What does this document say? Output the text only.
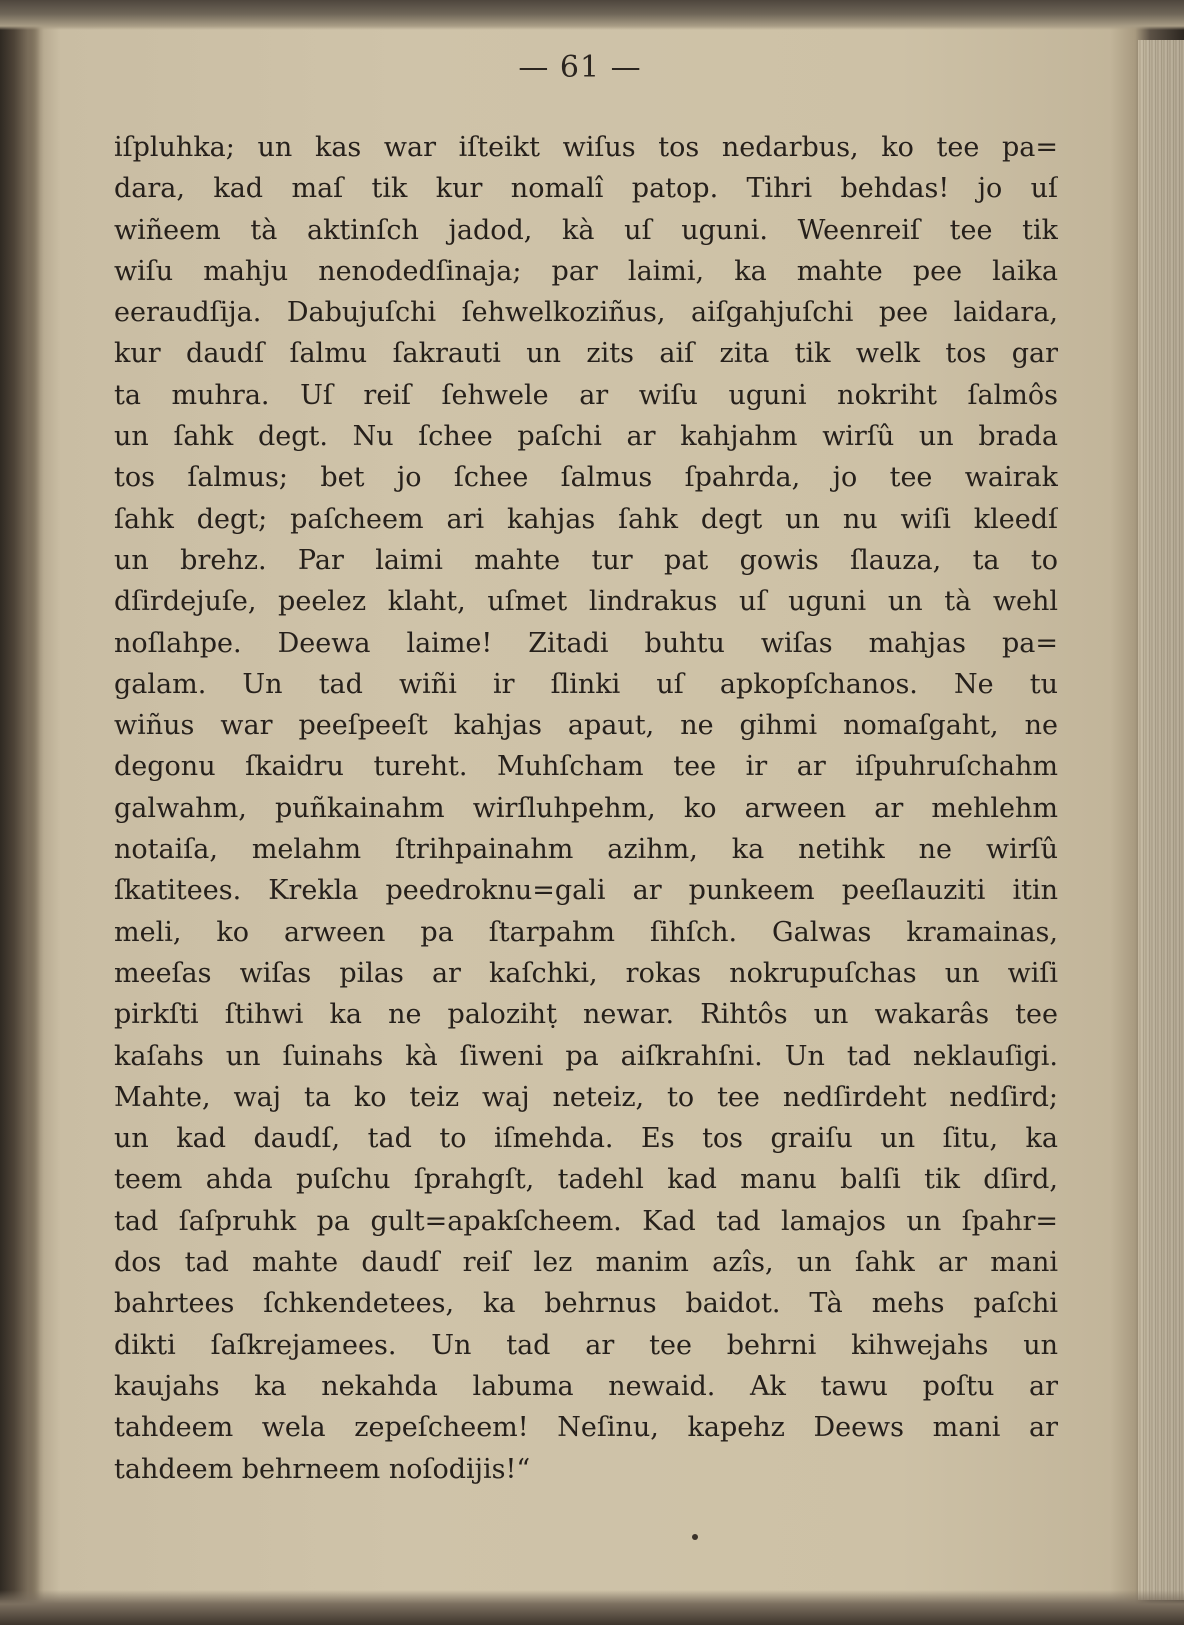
— 61 —
iſpluhka; un kas war iſteikt wiſus tos nedarbus, ko tee pa=
dara, kad maſ tik kur nomalî patop. Tihri behdas! jo uſ
wiñeem tà aktinſch jadod, kà uſ uguni. Weenreiſ tee tik
wiſu mahju nenodedſinaja; par laimi, ka mahte pee laika
eeraudſija. Dabujuſchi ſehwelkoziñus, aiſgahjuſchi pee laidara,
kur daudſ ſalmu ſakrauti un zits aiſ zita tik welk tos gar
ta muhra. Uſ reiſ ſehwele ar wiſu uguni nokriht ſalmôs
un ſahk degt. Nu ſchee paſchi ar kahjahm wirſû un brada
tos ſalmus; bet jo ſchee ſalmus ſpahrda, jo tee wairak
ſahk degt; paſcheem ari kahjas ſahk degt un nu wiſi kleedſ
un brehz. Par laimi mahte tur pat gowis ſlauza, ta to
dſirdejuſe, peelez klaht, uſmet lindrakus uſ uguni un tà wehl
noſlahpe. Deewa laime! Zitadi buhtu wiſas mahjas pa=
galam. Un tad wiñi ir ſlinki uſ apkopſchanos. Ne tu
wiñus war peeſpeeſt kahjas apaut, ne gihmi nomaſgaht, ne
degonu ſkaidru tureht. Muhſcham tee ir ar iſpuhruſchahm
galwahm, puñkainahm wirſluhpehm, ko arween ar mehlehm
notaiſa, melahm ſtrihpainahm azihm, ka netihk ne wirſû
ſkatitees. Krekla peedroknu=gali ar punkeem peeſlauziti itin
meli, ko arween pa ſtarpahm ſihſch. Galwas kramainas,
meeſas wiſas pilas ar kaſchki, rokas nokrupuſchas un wiſi
pirkſti ſtihwi ka ne palozihṭ newar. Rihtôs un wakarâs tee
kaſahs un ſuinahs kà ſiweni pa aiſkrahſni. Un tad neklauſigi.
Mahte, waj ta ko teiz waj neteiz, to tee nedſirdeht nedſird;
un kad daudſ, tad to iſmehda. Es tos graiſu un ſitu, ka
teem ahda puſchu ſprahgſt, tadehl kad manu balſi tik dſird,
tad ſaſpruhk pa gult=apakſcheem. Kad tad lamajos un ſpahr=
dos tad mahte daudſ reiſ lez manim azîs, un ſahk ar mani
bahrtees ſchkendetees, ka behrnus baidot. Tà mehs paſchi
dikti ſaſkrejamees. Un tad ar tee behrni kihwejahs un
kaujahs ka nekahda labuma newaid. Ak tawu poſtu ar
tahdeem wela zepeſcheem! Neſinu, kapehz Deews mani ar
tahdeem behrneem noſodijis!“
